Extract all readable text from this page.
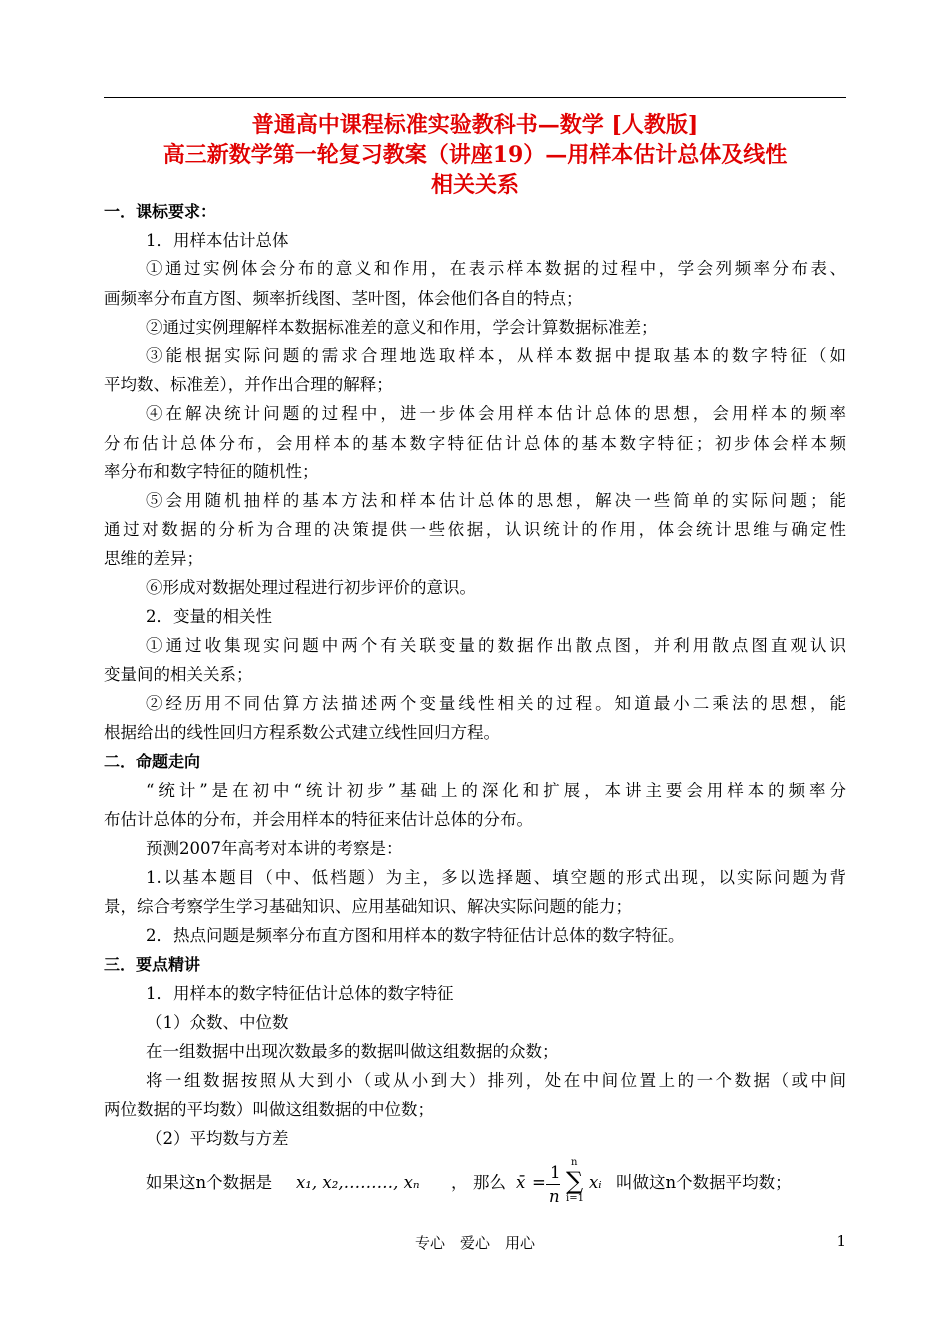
普通高中课程标准实验教科书—数学 [人教版]
高三新数学第一轮复习教案（讲座19）—用样本估计总体及线性
相关关系
一．课标要求：
1．用样本估计总体
①通过实例体会分布的意义和作用，在表示样本数据的过程中，学会列频率分布表、
画频率分布直方图、频率折线图、茎叶图，体会他们各自的特点；
②通过实例理解样本数据标准差的意义和作用，学会计算数据标准差；
③能根据实际问题的需求合理地选取样本，从样本数据中提取基本的数字特征（如
平均数、标准差），并作出合理的解释；
④在解决统计问题的过程中，进一步体会用样本估计总体的思想，会用样本的频率
分布估计总体分布，会用样本的基本数字特征估计总体的基本数字特征；初步体会样本频
率分布和数字特征的随机性；
⑤会用随机抽样的基本方法和样本估计总体的思想，解决一些简单的实际问题；能
通过对数据的分析为合理的决策提供一些依据，认识统计的作用，体会统计思维与确定性
思维的差异；
⑥形成对数据处理过程进行初步评价的意识。
2．变量的相关性
①通过收集现实问题中两个有关联变量的数据作出散点图，并利用散点图直观认识
变量间的相关关系；
②经历用不同估算方法描述两个变量线性相关的过程。知道最小二乘法的思想，能
根据给出的线性回归方程系数公式建立线性回归方程。
二．命题走向
“统计”是在初中“统计初步”基础上的深化和扩展，本讲主要会用样本的频率分
布估计总体的分布，并会用样本的特征来估计总体的分布。
预测2007年高考对本讲的考察是：
1.以基本题目（中、低档题）为主，多以选择题、填空题的形式出现，以实际问题为背
景，综合考察学生学习基础知识、应用基础知识、解决实际问题的能力；
2．热点问题是频率分布直方图和用样本的数字特征估计总体的数字特征。
三．要点精讲
1．用样本的数字特征估计总体的数字特征
（1）众数、中位数
在一组数据中出现次数最多的数据叫做这组数据的众数；
将一组数据按照从大到小（或从小到大）排列，处在中间位置上的一个数据（或中间
两位数据的平均数）叫做这组数据的中位数；
（2）平均数与方差
如果这n个数据是 x₁, x₂,………, xₙ ， 那么 x̄ =
1
n
n
∑
i=1
xᵢ 叫做这n个数据平均数；
专心　爱心　用心	1
